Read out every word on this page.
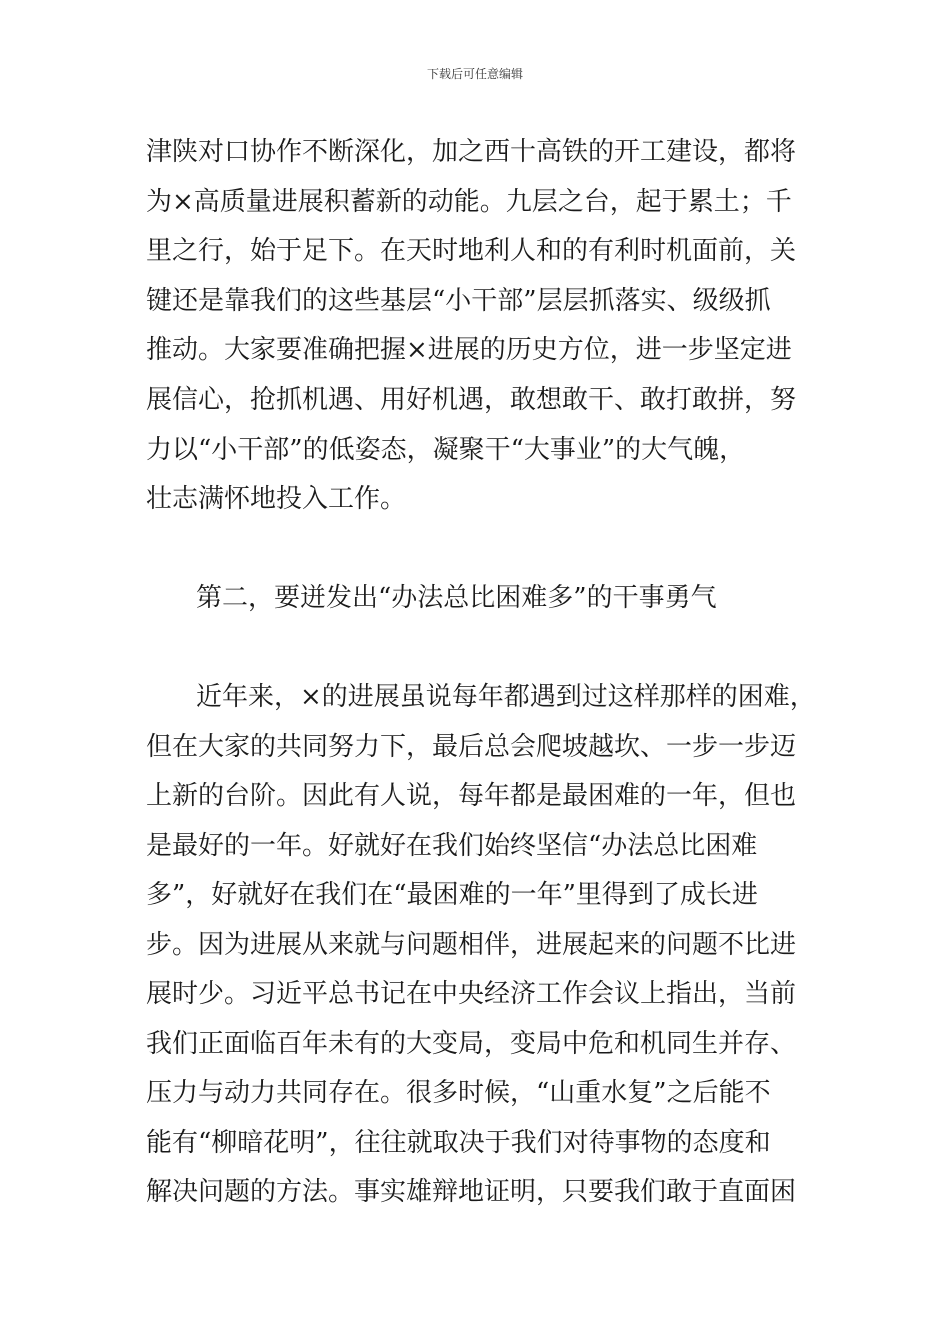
下载后可任意编辑
津陕对口协作不断深化，加之西十高铁的开工建设，都将
为×高质量进展积蓄新的动能。九层之台，起于累土；千
里之行，始于足下。在天时地利人和的有利时机面前，关
键还是靠我们的这些基层“小干部”层层抓落实、级级抓
推动。大家要准确把握×进展的历史方位，进一步坚定进
展信心，抢抓机遇、用好机遇，敢想敢干、敢打敢拼，努
力以“小干部”的低姿态，凝聚干“大事业”的大气魄，
壮志满怀地投入工作。
第二，要迸发出“办法总比困难多”的干事勇气
近年来，×的进展虽说每年都遇到过这样那样的困难，
但在大家的共同努力下，最后总会爬坡越坎、一步一步迈
上新的台阶。因此有人说，每年都是最困难的一年，但也
是最好的一年。好就好在我们始终坚信“办法总比困难
多”，好就好在我们在“最困难的一年”里得到了成长进
步。因为进展从来就与问题相伴，进展起来的问题不比进
展时少。习近平总书记在中央经济工作会议上指出，当前
我们正面临百年未有的大变局，变局中危和机同生并存、
压力与动力共同存在。很多时候，“山重水复”之后能不
能有“柳暗花明”，往往就取决于我们对待事物的态度和
解决问题的方法。事实雄辩地证明，只要我们敢于直面困
